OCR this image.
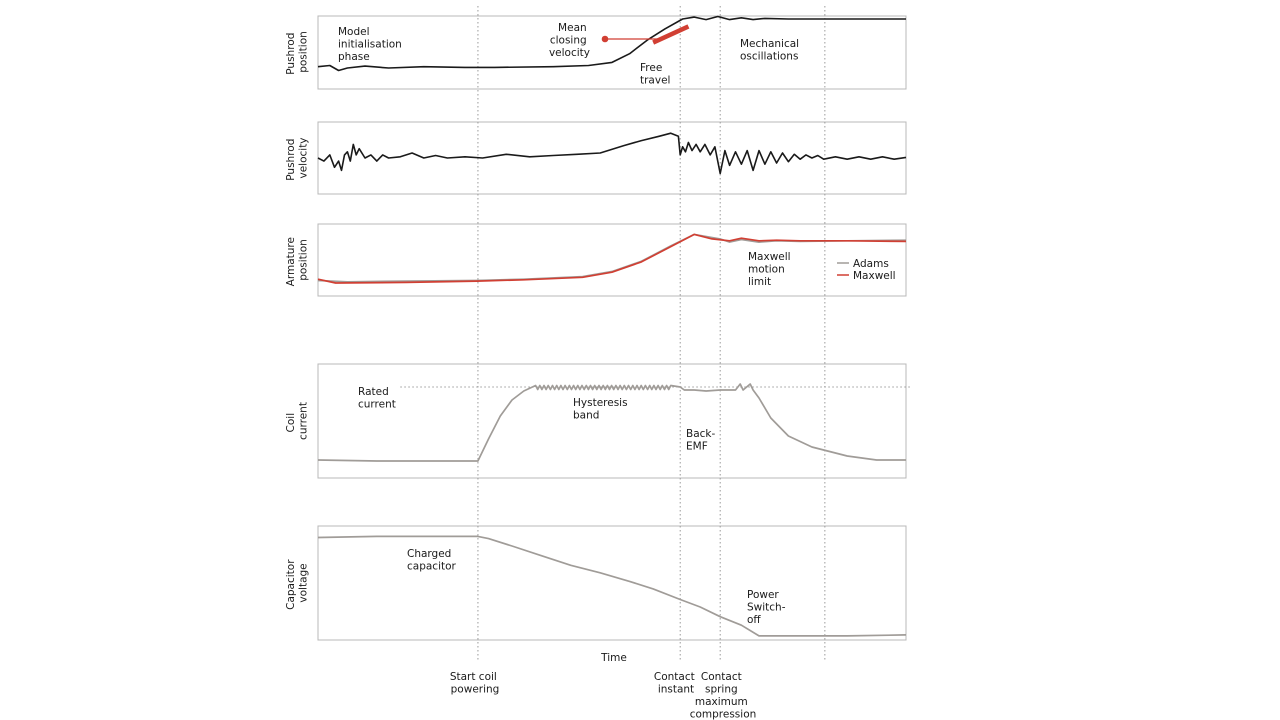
Pushrod position
Pushrod velocity
Armature position
Coil current
Capacitor voltage
Model initialisation phase
Mean closing velocity
Free travel
Mechanical oscillations
Maxwell motion limit
Adams
Maxwell
Rated current	Hysteresis band
Back- EMF
Charged capacitor
Power Switch- off
Time
Start coil powering
Contact instant
Contact spring maximum compression
